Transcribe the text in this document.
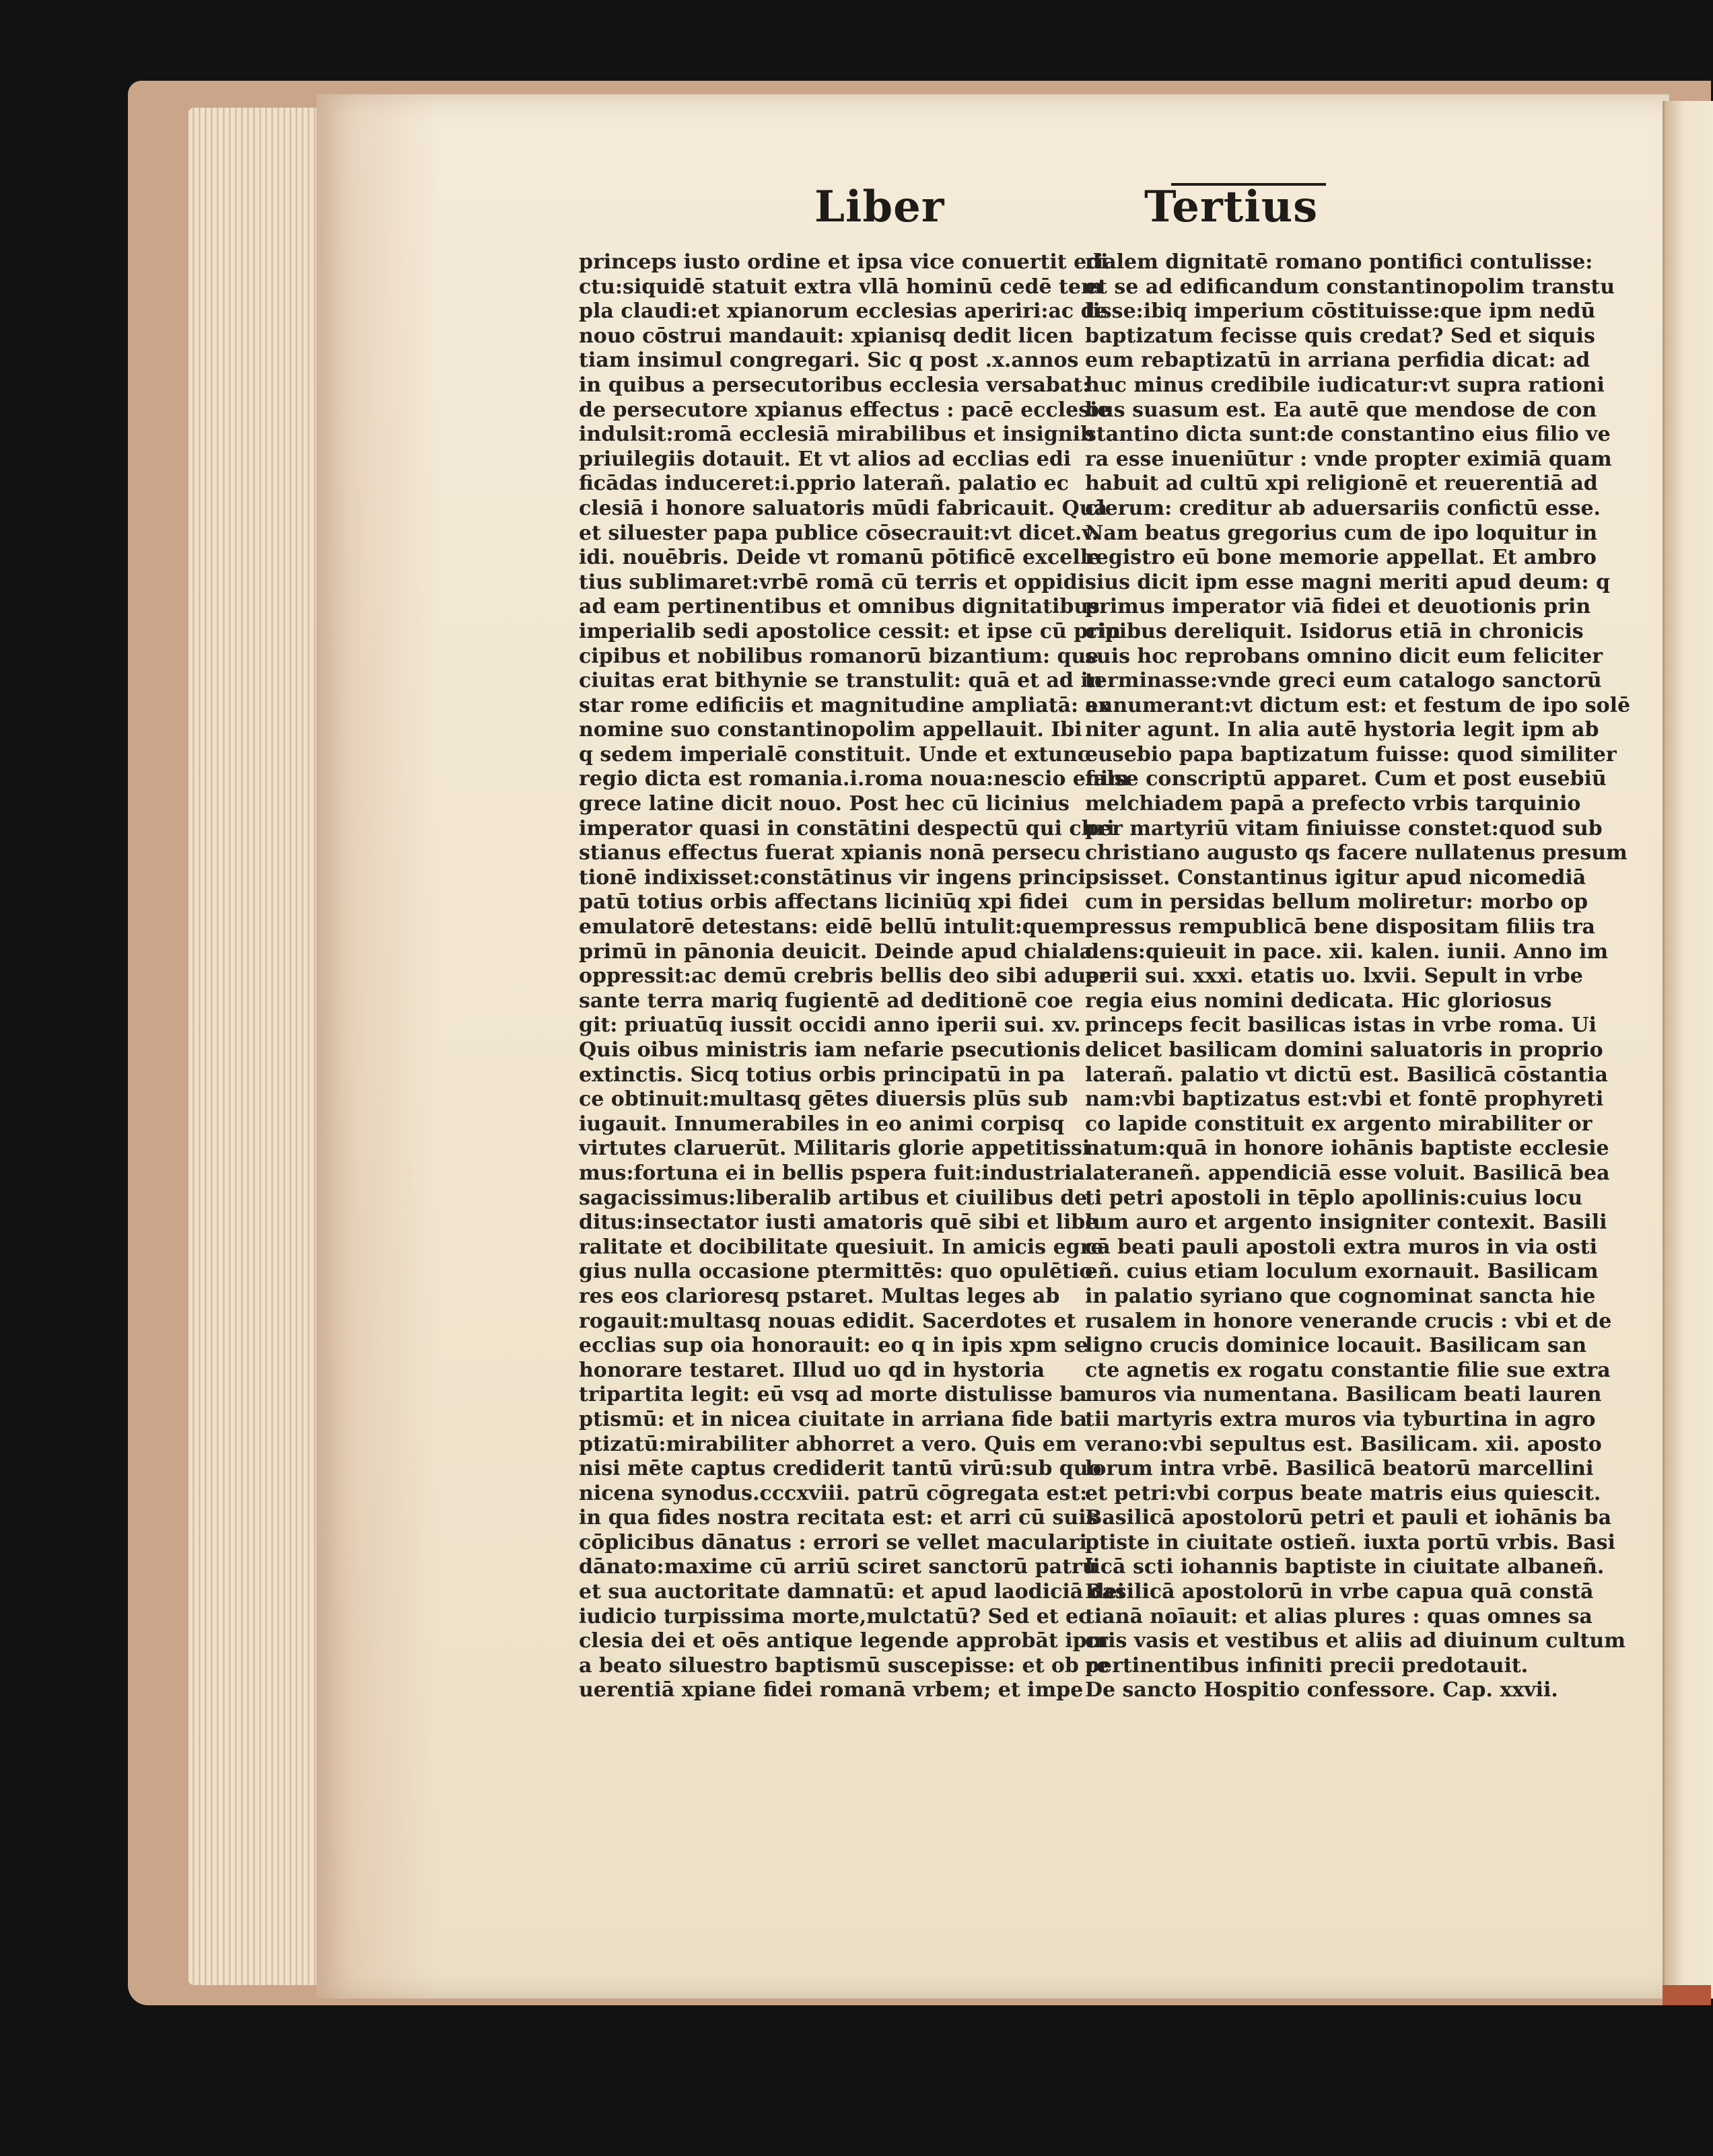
Liber	Tertius
princeps iusto ordine et ipsa vice conuertit edi
ctu:siquidē statuit extra vllā hominū cedē tem
pla claudi:et xpianorum ecclesias aperiri:ac de
nouo cōstrui mandauit: xpianisq dedit licen
tiam insimul congregari. Sic q post .x.annos
in quibus a persecutoribus ecclesia versabat:
de persecutore xpianus effectus : pacē ecclesie
indulsit:romā ecclesiā mirabilibus et insignib
priuilegiis dotauit. Et vt alios ad ecclias edi
ficādas induceret:i.pprio laterañ. palatio ec
clesiā i honore saluatoris mūdi fabricauit. Quā
et siluester papa publice cōsecrauit:vt dicet.v.
idi. nouēbris. Deide vt romanū pōtificē excelle
tius sublimaret:vrbē romā cū terris et oppidis
ad eam pertinentibus et omnibus dignitatibus
imperialib sedi apostolice cessit: et ipse cū prin
cipibus et nobilibus romanorū bizantium: que
ciuitas erat bithynie se transtulit: quā et ad in
star rome edificiis et magnitudine ampliatā: ex
nomine suo constantinopolim appellauit. Ibi
q sedem imperialē constituit. Unde et extunc
regio dicta est romania.i.roma noua:nescio enim
grece latine dicit nouo. Post hec cū licinius
imperator quasi in constātini despectū qui chri
stianus effectus fuerat xpianis nonā persecu
tionē indixisset:constātinus vir ingens princi
patū totius orbis affectans liciniūq xpi fidei
emulatorē detestans: eidē bellū intulit:quem
primū in pānonia deuicit. Deinde apud chiala
oppressit:ac demū crebris bellis deo sibi aduer
sante terra mariq fugientē ad deditionē coe
git: priuatūq iussit occidi anno iperii sui. xv.
Quis oibus ministris iam nefarie psecutionis
extinctis. Sicq totius orbis principatū in pa
ce obtinuit:multasq gētes diuersis plūs sub
iugauit. Innumerabiles in eo animi corpisq
virtutes claruerūt. Militaris glorie appetitissi
mus:fortuna ei in bellis psperа fuit:industria
sagacissimus:liberalib artibus et ciuilibus de
ditus:insectator iusti amatoris quē sibi et libe
ralitate et docibilitate quesiuit. In amicis egre
gius nulla occasione ptermittēs: quo opulētio
res eos clarioresq pstaret. Multas leges ab
rogauit:multasq nouas edidit. Sacerdotes et
ecclias sup oia honorauit: eo q in ipis xpm se
honorare testaret. Illud uo qd in hystoria
tripartita legit: eū vsq ad morte distulisse ba
ptismū: et in nicea ciuitate in arriana fide ba
ptizatū:mirabiliter abhorret a vero. Quis em
nisi mēte captus crediderit tantū virū:sub quo
nicena synodus.cccxviii. patrū cōgregata est:
in qua fides nostra recitata est: et arri cū suis
cōplicibus dānatus : errori se vellet maculari
dānato:maxime cū arriū sciret sanctorū patrū
et sua auctoritate damnatū: et apud laodiciā dei
iudicio turpissima morte,mulctatū? Sed et ec
clesia dei et oēs antique legende approbāt ipm
a beato siluestro baptismū suscepisse: et ob re
uerentiā xpiane fidei romanā vrbem; et impe
rialem dignitatē romano pontifici contulisse:
et se ad edificandum constantinopolim transtu
lisse:ibiq imperium cōstituisse:que ipm nedū
baptizatum fecisse quis credat? Sed et siquis
eum rebaptizatū in arriana perfidia dicat: ad
huc minus credibile iudicatur:vt supra rationi
bus suasum est. Ea autē que mendose de con
stantino dicta sunt:de constantino eius filio ve
ra esse inueniūtur : vnde propter eximiā quam
habuit ad cultū xpi religionē et reuerentiā ad
clerum: creditur ab aduersariis confictū esse.
Nam beatus gregorius cum de ipo loquitur in
registro eū bone memorie appellat. Et ambro
sius dicit ipm esse magni meriti apud deum: q
primus imperator viā fidei et deuotionis prin
cipibus dereliquit. Isidorus etiā in chronicis
suis hoc reprobans omnino dicit eum feliciter
terminasse:vnde greci eum catalogo sanctorū
annumerant:vt dictum est: et festum de ipo solē
niter agunt. In alia autē hystoria legit ipm ab
eusebio papa baptizatum fuisse: quod similiter
falsе conscriptū apparet. Cum et post eusebiū
melchiadem papā a prefecto vrbis tarquinio
per martyriū vitam finiuisse constet:quod sub
christiano augusto qs facere nullatenus presum
psisset. Constantinus igitur apud nicomediā
cum in persidas bellum moliretur: morbo op
pressus rempublicā bene dispositam filiis tra
dens:quieuit in pace. xii. kalen. iunii. Anno im
perii sui. xxxi. etatis uo. lxvii. Sepult in vrbe
regia eius nomini dedicata. Hic gloriosus
princeps fecit basilicas istas in vrbe roma. Ui
delicet basilicam domini saluatoris in proprio
laterañ. palatio vt dictū est. Basilicā cōstantia
nam:vbi baptizatus est:vbi et fontē prophyreti
co lapide constituit ex argento mirabiliter or
natum:quā in honore iohānis baptiste ecclesie
lateraneñ. appendiciā esse voluit. Basilicā bea
ti petri apostoli in tēplo apollinis:cuius locu
lum auro et argento insigniter contexit. Basili
cā beati pauli apostoli extra muros in via osti
eñ. cuius etiam loculum exornauit. Basilicam
in palatio syriano que cognominat sancta hie
rusalem in honore venerande crucis : vbi et de
ligno crucis dominice locauit. Basilicam san
cte agnetis ex rogatu constantie filie sue extra
muros via numentana. Basilicam beati lauren
tii martyris extra muros via tyburtina in agro
verano:vbi sepultus est. Basilicam. xii. aposto
lorum intra vrbē. Basilicā beatorū marcellini
et petri:vbi corpus beate matris eius quiescit.
Basilicā apostolorū petri et pauli et iohānis ba
ptiste in ciuitate ostieñ. iuxta portū vrbis. Basi
licā scti iohannis baptiste in ciuitate albaneñ.
Basilicā apostolorū in vrbe capua quā constā
tianā noīauit: et alias plures : quas omnes sa
cris vasis et vestibus et aliis ad diuinum cultum
pertinentibus infiniti precii predotauit.
De sancto Hospitio confessore. Cap. xxvii.
